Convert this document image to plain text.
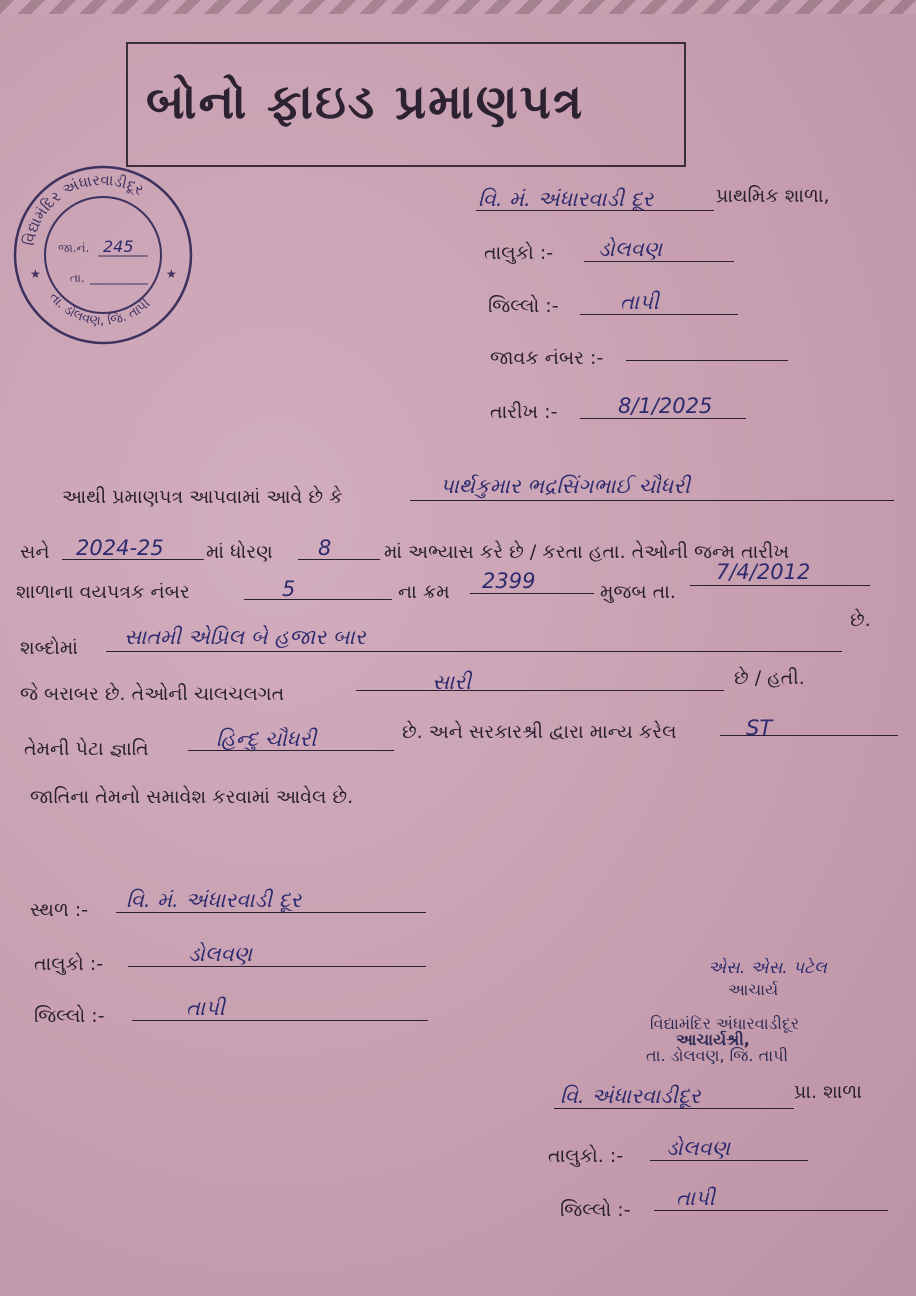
બોનો ફાઇડ પ્રમાણપત્ર
વિદ્યામંદિર અંધારવાડીદૂર
તા. ડોલવણ, જિ. તાપી
★	★
જા.નં. 245
તા.
વિ. મં. અંધારવાડી દૂર	પ્રાથમિક શાળા,
તાલુકો :- ડોલવણ
જિલ્લો :-	તાપી
જાવક નંબર :-
તારીખ :-	8/1/2025
આથી પ્રમાણપત્ર આપવામાં આવે છે કે	પાર્થકુમાર ભદ્રસિંગભાઈ ચૌધરી
સને 2024-25 માં ધોરણ 8	માં અભ્યાસ કરે છે / કરતા હતા. તેઓની જન્મ તારીખ
શાળાના વયપત્રક નંબર	5	ના ક્રમ 2399	મુજબ તા.
7/4/2012
શબ્દોમાં સાતમી એપ્રિલ બે હજાર બાર
છે.
જે બરાબર છે. તેઓની ચાલચલગત	સારી	છે / હતી.
તેમની પેટા જ્ઞાતિ	હિન્દુ ચૌધરી	છે. અને સરકારશ્રી દ્વારા માન્ય કરેલ	ST
જાતિના તેમનો સમાવેશ કરવામાં આવેલ છે.
સ્થળ :- વિ. મં. અંધારવાડી દૂર
તાલુકો :-	ડોલવણ
જિલ્લો :-	તાપી
એસ. એસ. પટેલ
આચાર્ય
વિદ્યામંદિર અંધારવાડીદૂર
આચાર્યશ્રી,
તા. ડોલવણ, જિ. તાપી
વિ. અંધારવાડીદૂર	પ્રા. શાળા
તાલુકો. :- ડોલવણ
જિલ્લો :- તાપી
